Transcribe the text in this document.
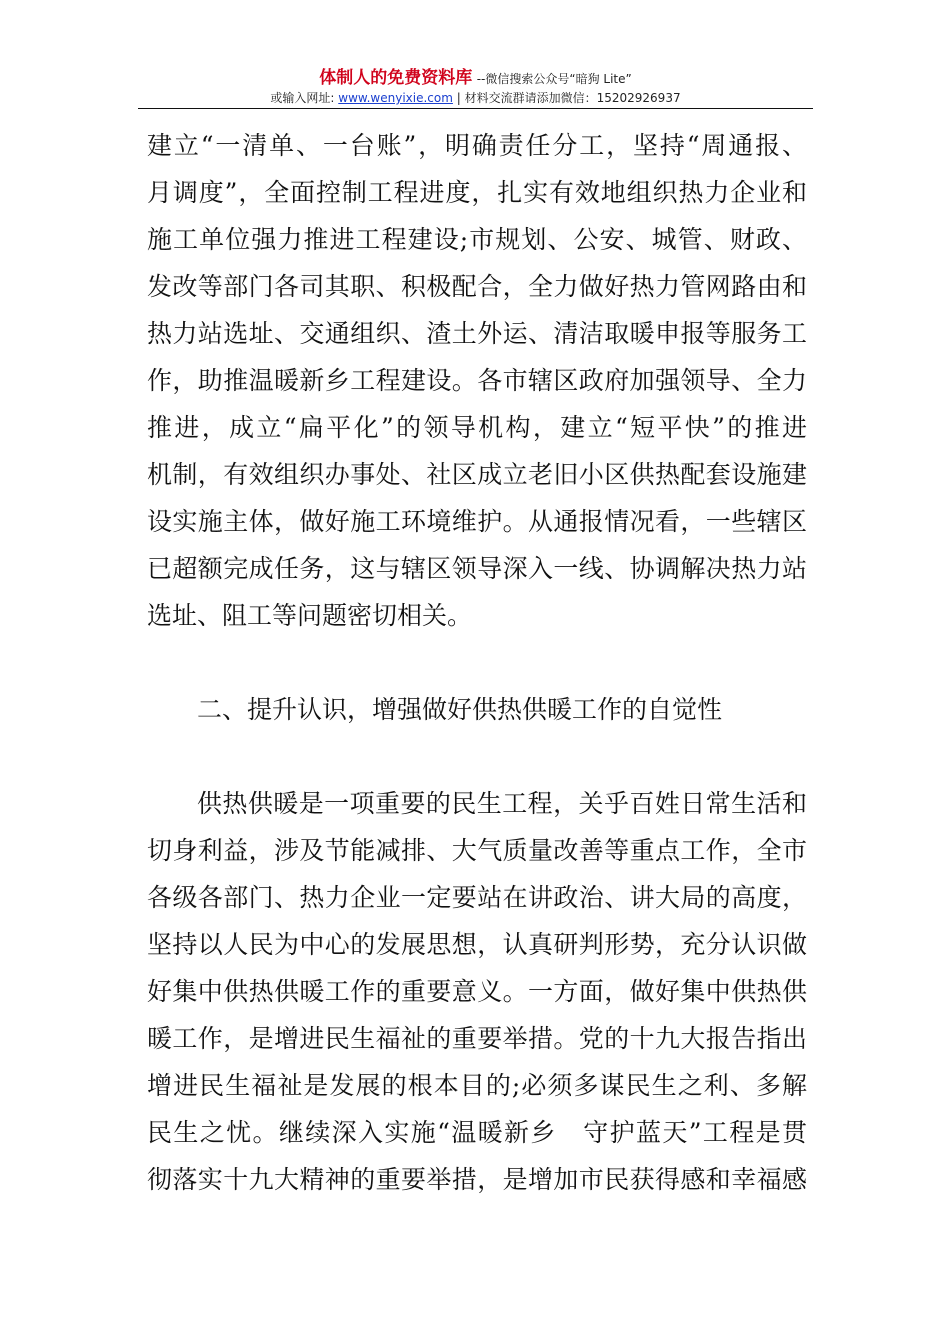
体制人的免费资料库 --微信搜索公众号“暗狗 Lite”
或输入网址: www.wenyixie.com | 材料交流群请添加微信：15202926937
建立“一清单、一台账”，明确责任分工，坚持“周通报、
月调度”，全面控制工程进度，扎实有效地组织热力企业和
施工单位强力推进工程建设;市规划、公安、城管、财政、
发改等部门各司其职、积极配合，全力做好热力管网路由和
热力站选址、交通组织、渣土外运、清洁取暖申报等服务工
作，助推温暖新乡工程建设。各市辖区政府加强领导、全力
推进，成立“扁平化”的领导机构，建立“短平快”的推进
机制，有效组织办事处、社区成立老旧小区供热配套设施建
设实施主体，做好施工环境维护。从通报情况看，一些辖区
已超额完成任务，这与辖区领导深入一线、协调解决热力站
选址、阻工等问题密切相关。
二、提升认识，增强做好供热供暖工作的自觉性
供热供暖是一项重要的民生工程，关乎百姓日常生活和
切身利益，涉及节能减排、大气质量改善等重点工作，全市
各级各部门、热力企业一定要站在讲政治、讲大局的高度，
坚持以人民为中心的发展思想，认真研判形势，充分认识做
好集中供热供暖工作的重要意义。一方面，做好集中供热供
暖工作，是增进民生福祉的重要举措。党的十九大报告指出
增进民生福祉是发展的根本目的;必须多谋民生之利、多解
民生之忧。继续深入实施“温暖新乡　守护蓝天”工程是贯
彻落实十九大精神的重要举措，是增加市民获得感和幸福感
